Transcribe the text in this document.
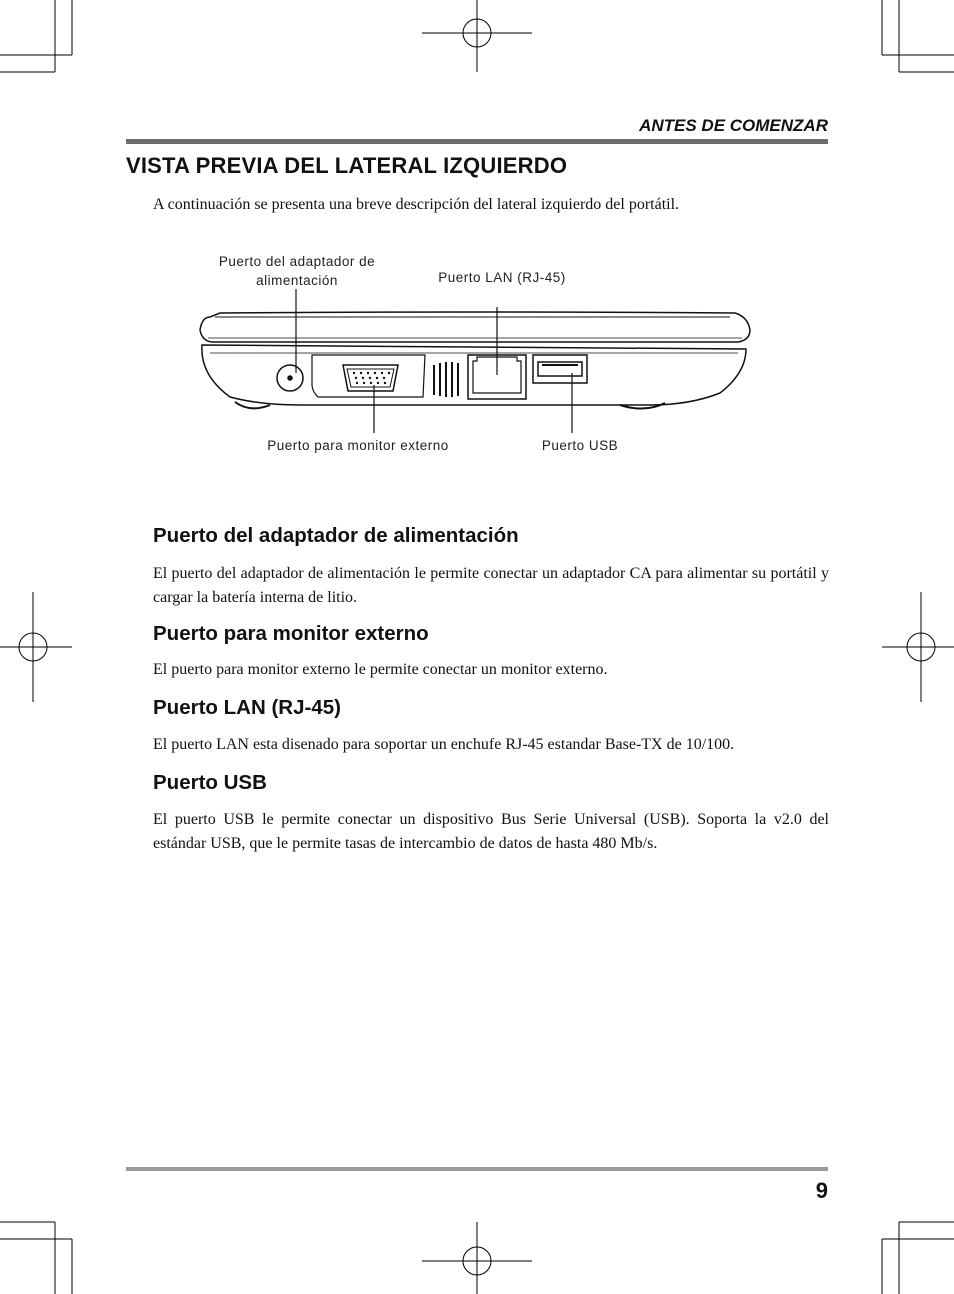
ANTES DE COMENZAR
VISTA PREVIA DEL LATERAL IZQUIERDO
A continuación se presenta una breve descripción del lateral izquierdo del portátil.
Puerto del adaptador de
alimentación	Puerto LAN (RJ-45)
Puerto para monitor externo	Puerto USB
Puerto del adaptador de alimentación
El puerto del adaptador de alimentación le permite conectar un adaptador CA para alimentar su portátil y cargar la batería interna de litio.
Puerto para monitor externo
El puerto para monitor externo le permite conectar un monitor externo.
Puerto LAN (RJ-45)
El puerto LAN esta disenado para soportar un enchufe RJ-45 estandar Base-TX de 10/100.
Puerto USB
El puerto USB le permite conectar un dispositivo Bus Serie Universal (USB). Soporta la v2.0 del estándar USB, que le permite tasas de intercambio de datos de hasta 480 Mb/s.
9
